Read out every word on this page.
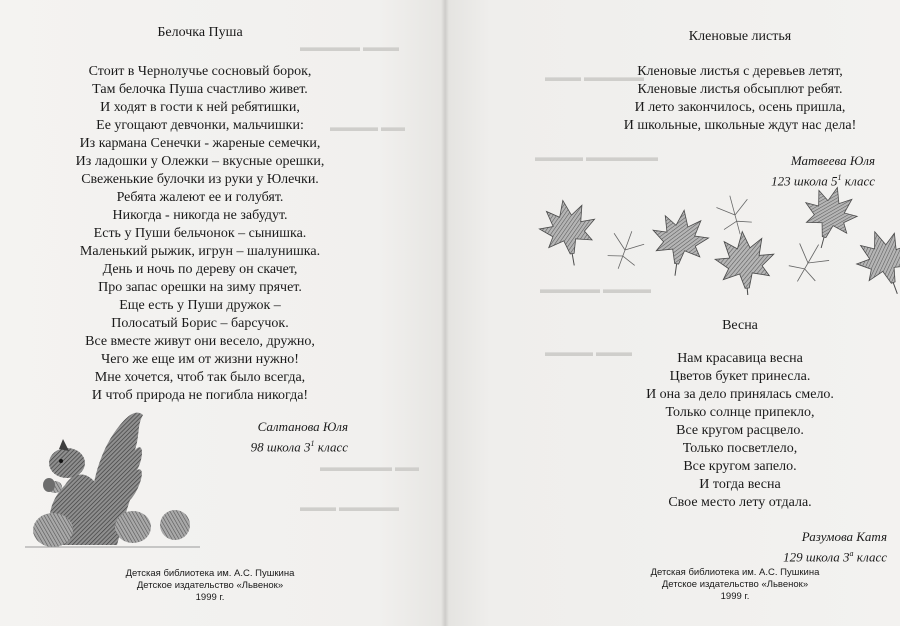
▬▬▬▬▬ ▬▬▬
▬▬▬▬ ▬▬
▬▬▬▬▬▬ ▬▬
▬▬▬ ▬▬▬▬▬
Белочка Пуша
Стоит в Чернолучье сосновый борок,
Там белочка Пуша счастливо живет.
И ходят в гости к ней ребятишки,
Ее угощают девчонки, мальчишки:
Из кармана Сенечки - жареные семечки,
Из ладошки у Олежки – вкусные орешки,
Свеженькие булочки из руки у Юлечки.
Ребята жалеют ее и голубят.
Никогда - никогда не забудут.
Есть у Пуши бельчонок – сынишка.
Маленький рыжик, игрун – шалунишка.
День и ночь по дереву он скачет,
Про запас орешки на зиму прячет.
Еще есть у Пуши дружок –
Полосатый Борис – барсучок.
Все вместе живут они весело, дружно,
Чего же еще им от жизни нужно!
Мне хочется, чтоб так было всегда,
И чтоб природа не погибла никогда!
Салтанова Юля
98 школа $3^1$ класс
Детская библиотека им. А.С. Пушкина
Детское издательство «Львенок»
1999 г.
▬▬▬ ▬▬▬▬▬
▬▬▬▬ ▬▬▬▬▬▬
▬▬▬▬▬ ▬▬▬▬
▬▬▬▬ ▬▬▬
Кленовые листья
Кленовые листья с деревьев летят,
Кленовые листья обсыплют ребят.
И лето закончилось, осень пришла,
И школьные, школьные ждут нас дела!
Матвеева Юля
123 школа $5^1$ класс
Весна
Нам красавица весна
Цветов букет принесла.
И она за дело принялась смело.
Только солнце припекло,
Все кругом расцвело.
Только посветлело,
Все кругом запело.
И тогда весна
Свое место лету отдала.
Разумова Катя
129 школа $3^а$ класс
Детская библиотека им. А.С. Пушкина
Детское издательство «Львенок»
1999 г.
